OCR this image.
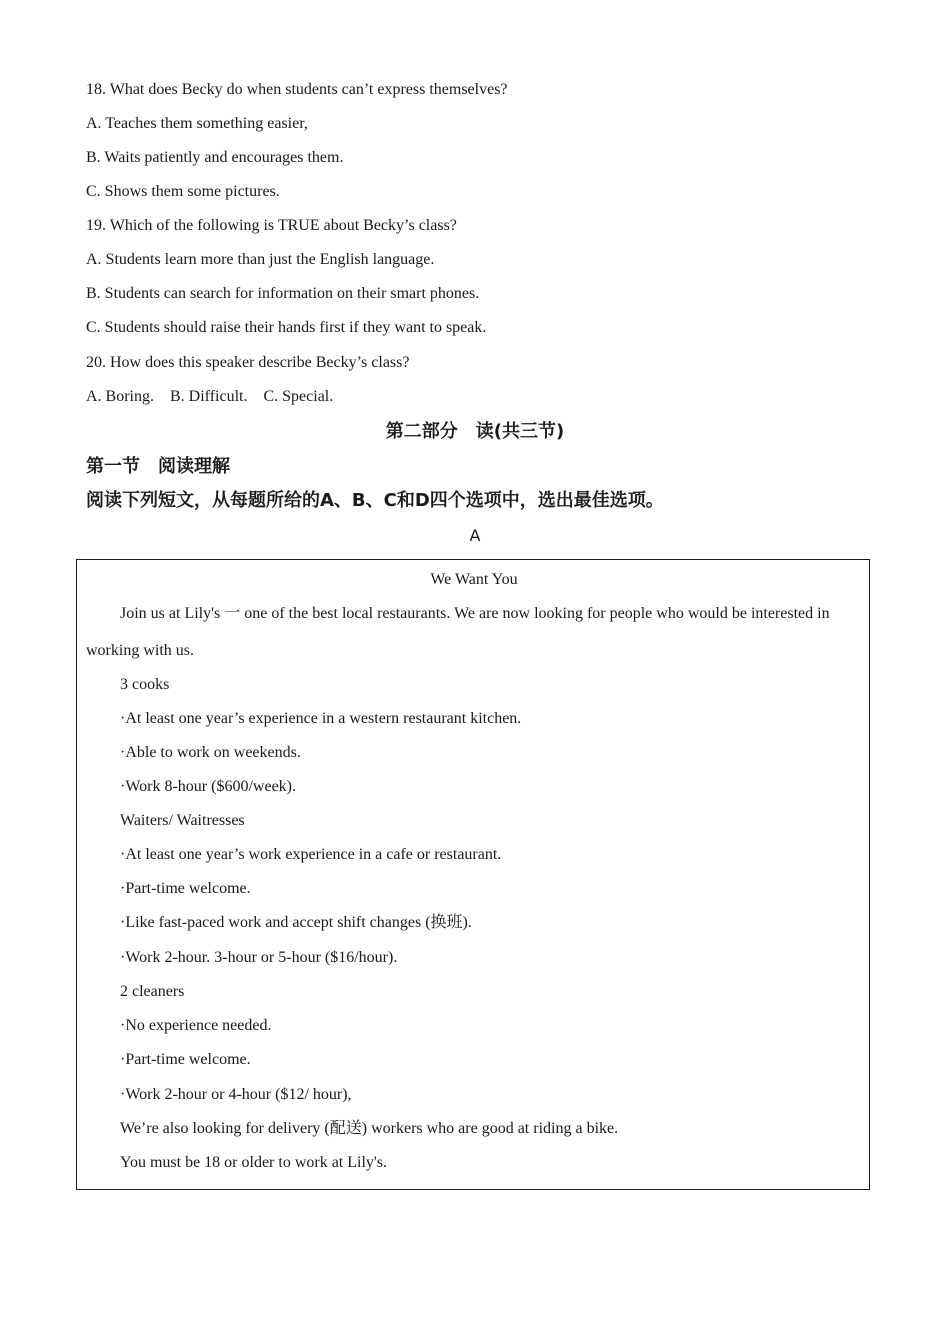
18. What does Becky do when students can’t express themselves?
A. Teaches them something easier,
B. Waits patiently and encourages them.
C. Shows them some pictures.
19. Which of the following is TRUE about Becky’s class?
A. Students learn more than just the English language.
B. Students can search for information on their smart phones.
C. Students should raise their hands first if they want to speak.
20. How does this speaker describe Becky’s class?
A. Boring.    B. Difficult.    C. Special.
第二部分　读(共三节)
第一节　阅读理解
阅读下列短文，从每题所给的A、B、C和D四个选项中，选出最佳选项。
A
We Want You
Join us at Lily's 一 one of the best local restaurants. We are now looking for people who would be interested in
working with us.
3 cooks
·At least one year’s experience in a western restaurant kitchen.
·Able to work on weekends.
·Work 8-hour ($600/week).
Waiters/ Waitresses
·At least one year’s work experience in a cafe or restaurant.
·Part-time welcome.
·Like fast-paced work and accept shift changes (换班).
·Work 2-hour. 3-hour or 5-hour ($16/hour).
2 cleaners
·No experience needed.
·Part-time welcome.
·Work 2-hour or 4-hour ($12/ hour),
We’re also looking for delivery (配送) workers who are good at riding a bike.
You must be 18 or older to work at Lily's.
